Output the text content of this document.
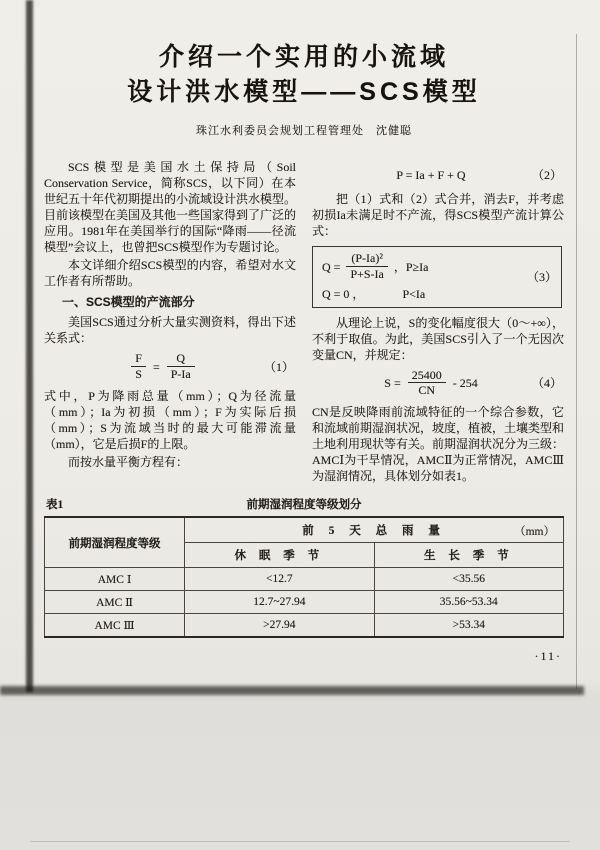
介绍一个实用的小流域
设计洪水模型——SCS模型
珠江水利委员会规划工程管理处　沈健聪

SCS模型是美国水土保持局（Soil Conservation Service，简称SCS，以下同）在本世纪五十年代初期提出的小流域设计洪水模型。目前该模型在美国及其他一些国家得到了广泛的应用。1981年在美国举行的国际“降雨——径流模型”会议上，也曾把SCS模型作为专题讨论。

本文详细介绍SCS模型的内容，希望对水文工作者有所帮助。

一、SCS模型的产流部分

美国SCS通过分析大量实测资料，得出下述关系式：

$\frac{F}{S} = \frac{Q}{P-Ia}$	（1）

式中，P为降雨总量（mm）；Q为径流量（mm）；Ia为初损（mm）；F为实际后损（mm）；S为流域当时的最大可能滞流量（mm），它是后损F的上限。

而按水量平衡方程有：

P = Ia + F + Q	（2）

把（1）式和（2）式合并，消去F，并考虑初损Ia未满足时不产流，得SCS模型产流计算公式：

$Q = \frac{\text{(P-Ia)²}}{P+S-Ia}$ ，P≥Ia
Q = 0 ，	P<Ia
（3）

从理论上说，S的变化幅度很大（0～+∞），不利于取值。为此，美国SCS引入了一个无因次变量CN，并规定：

$S = \frac{25400}{CN} - 254$	（4）

CN是反映降雨前流域特征的一个综合参数，它和流域前期湿润状况，坡度，植被，土壤类型和土地利用现状等有关。前期湿润状况分为三级：AMCⅠ为干旱情况，AMCⅡ为正常情况，AMCⅢ为湿润情况，具体划分如表1。

表1	前期湿润程度等级划分
前期湿润程度等级	前 5 天 总 雨 量 （mm）	

	休 眠 季 节	生 长 季 节
AMC Ⅰ	<12.7	<35.56
AMC Ⅱ	12.7~27.94	35.56~53.34
AMC Ⅲ	>27.94	>53.34
·11·
